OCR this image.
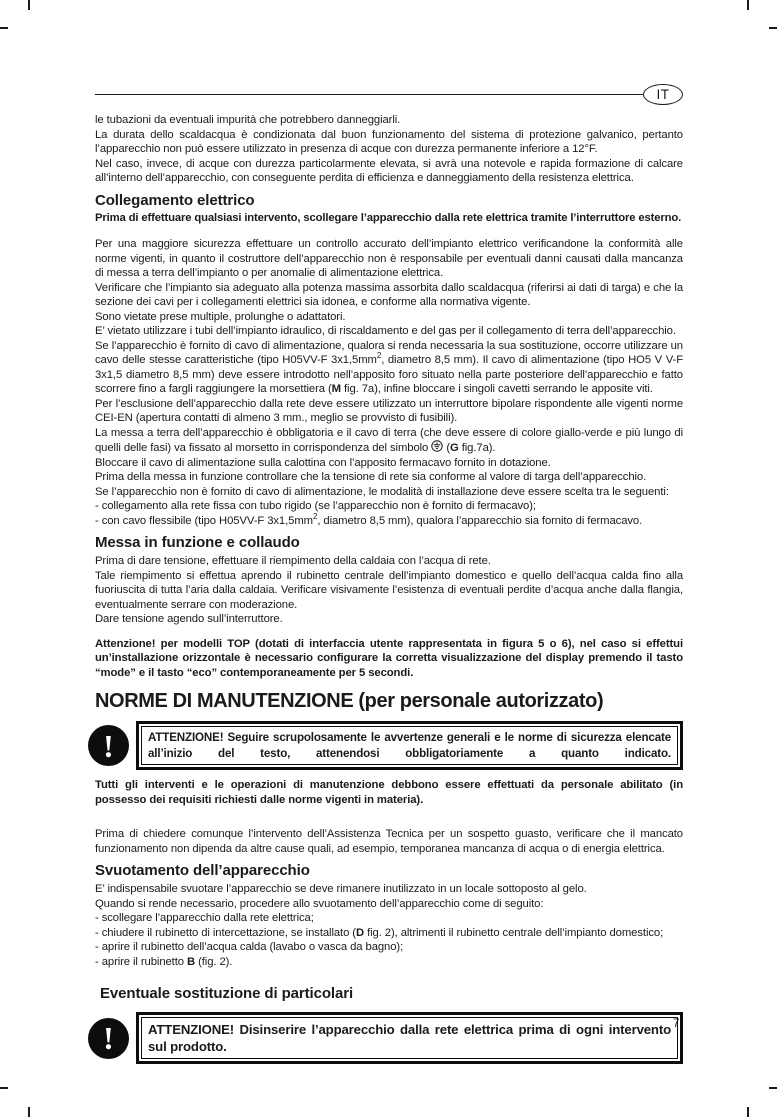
IT
le tubazioni da eventuali impurità che potrebbero danneggiarli.
La durata dello scaldacqua è condizionata dal buon funzionamento del sistema di protezione galvanico, pertanto l’apparecchio non può essere utilizzato in presenza di acque con durezza permanente inferiore a 12°F.
Nel caso, invece, di acque con durezza particolarmente elevata, si avrà una notevole e rapida formazione di calcare all’interno dell’apparecchio, con conseguente perdita di efficienza e danneggiamento della resistenza elettrica.
Collegamento elettrico
Prima di effettuare qualsiasi intervento, scollegare l’apparecchio dalla rete elettrica tramite l’interruttore esterno.
Per una maggiore sicurezza effettuare un controllo accurato dell’impianto elettrico verificandone la conformità alle norme vigenti, in quanto il costruttore dell’apparecchio non è responsabile per eventuali danni causati dalla mancanza di messa a terra dell’impianto o per anomalie di alimentazione elettrica.
Verificare che l’impianto sia adeguato alla potenza massima assorbita dallo scaldacqua (riferirsi ai dati di targa) e che la sezione dei cavi per i collegamenti elettrici sia idonea, e conforme alla normativa vigente.
Sono vietate prese multiple, prolunghe o adattatori.
E’ vietato utilizzare i tubi dell’impianto idraulico, di riscaldamento e del gas per il collegamento di terra dell’apparecchio.
Se l’apparecchio è fornito di cavo di alimentazione, qualora si renda necessaria la sua sostituzione, occorre utilizzare un cavo delle stesse caratteristiche (tipo H05VV-F $3x1,5mm^2$, diametro 8,5 mm). Il cavo di alimentazione (tipo HO5 V V-F 3x1,5 diametro 8,5 mm) deve essere introdotto nell’apposito foro situato nella parte posteriore dell’apparecchio e fatto scorrere fino a fargli raggiungere la morsettiera (M fig. 7a), infine bloccare i singoli cavetti serrando le apposite viti.
Per l’esclusione dell’apparecchio dalla rete deve essere utilizzato un interruttore bipolare rispondente alle vigenti norme CEI-EN (apertura contatti di almeno 3 mm., meglio se provvisto di fusibili).
La messa a terra dell’apparecchio è obbligatoria e il cavo di terra (che deve essere di colore giallo-verde e più lungo di quelli delle fasi) va fissato al morsetto in corrispondenza del simbolo  (G fig.7a).
Bloccare il cavo di alimentazione sulla calottina con l’apposito fermacavo fornito in dotazione.
Prima della messa in funzione controllare che la tensione di rete sia conforme al valore di targa dell’apparecchio.
Se l’apparecchio non è fornito di cavo di alimentazione, le modalità di installazione deve essere scelta tra le seguenti:
- collegamento alla rete fissa con tubo rigido (se l’apparecchio non è fornito di fermacavo);
- con cavo flessibile (tipo H05VV-F $3x1,5mm^2$, diametro 8,5 mm), qualora l’apparecchio sia fornito di fermacavo.
Messa in funzione e collaudo
Prima di dare tensione, effettuare il riempimento della caldaia con l’acqua di rete.
Tale riempimento si effettua aprendo il rubinetto centrale dell’impianto domestico e quello dell’acqua calda fino alla fuoriuscita di tutta l’aria dalla caldaia. Verificare visivamente l’esistenza di eventuali perdite d’acqua anche dalla flangia, eventualmente serrare con moderazione.
Dare tensione agendo sull’interruttore.
Attenzione! per modelli TOP (dotati di interfaccia utente rappresentata in figura 5 o 6), nel caso si effettui un’installazione orizzontale è necessario configurare la corretta visualizzazione del display premendo il tasto “mode” e il tasto “eco” contemporaneamente per 5 secondi.
NORME DI MANUTENZIONE (per personale autorizzato)
!	ATTENZIONE! Seguire scrupolosamente le avvertenze generali e le norme di sicurezza elencate all’inizio del testo, attenendosi obbligatoriamente a quanto indicato.
Tutti gli interventi e le operazioni di manutenzione debbono essere effettuati da personale abilitato (in possesso dei requisiti richiesti dalle norme vigenti in materia).
Prima di chiedere comunque l’intervento dell’Assistenza Tecnica per un sospetto guasto, verificare che il mancato funzionamento non dipenda da altre cause quali, ad esempio, temporanea mancanza di acqua o di energia elettrica.
Svuotamento dell’apparecchio
E’ indispensabile svuotare l’apparecchio se deve rimanere inutilizzato in un locale sottoposto al gelo.
Quando si rende necessario, procedere allo svuotamento dell’apparecchio come di seguito:
- scollegare l’apparecchio dalla rete elettrica;
- chiudere il rubinetto di intercettazione, se installato (D fig. 2), altrimenti il rubinetto centrale dell’impianto domestico;
- aprire il rubinetto dell’acqua calda (lavabo o vasca da bagno);
- aprire il rubinetto B (fig. 2).
Eventuale sostituzione di particolari
!	ATTENZIONE! Disinserire l’apparecchio dalla rete elettrica prima di ogni intervento sul prodotto.
7
